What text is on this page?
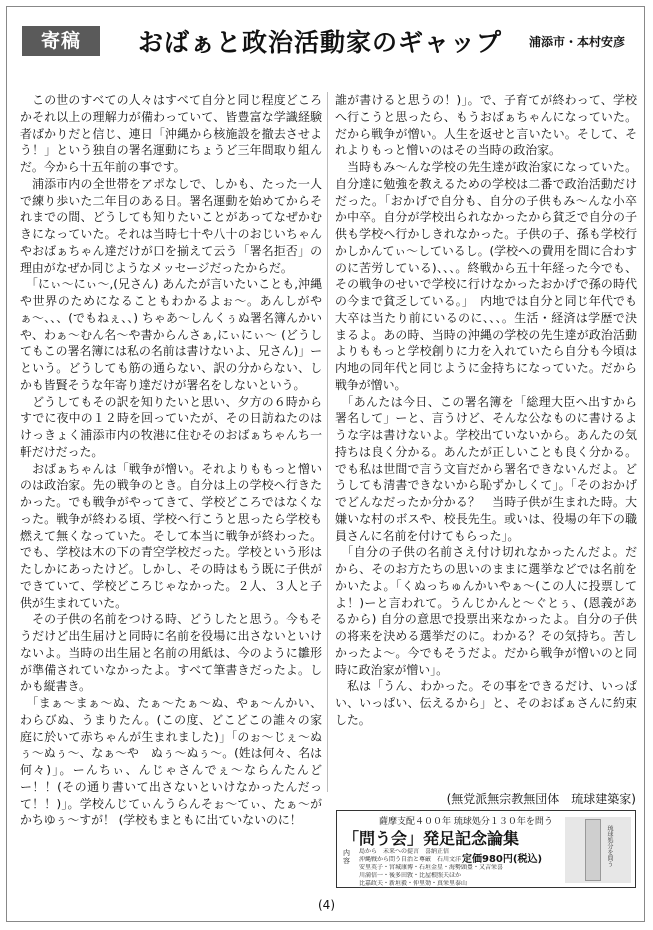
寄稿	おばぁと政治活動家のギャップ 浦添市・本村安彦

　この世のすべての人々はすべて自分と同じ程度どころかそれ以上の理解力が備わっていて、皆豊富な学識経験者ばかりだと信じ、連日「沖縄から核施設を撤去させよう！」という独自の署名運動にちょうど三年間取り組んだ。今から十五年前の事です。

　浦添市内の全世帯をアポなしで、しかも、たった一人で練り歩いた二年目のある日。署名運動を始めてからそれまでの間、どうしても知りたいことがあってなぜかむきになっていた。それは当時七十や八十のおじいちゃんやおばぁちゃん達だけが口を揃えて云う「署名拒否」の理由がなぜか同じようなメッセージだったからだ。

　「にぃ〜にぃ〜,(兄さん) あんたが言いたいことも,沖縄や世界のためになることもわかるよぉ〜。あんしがやぁ〜、、、(でもねぇ、、) ちゃあ〜しんくぅぬ署名簿んかいや、わぁ〜むん名〜や書からんさぁ,にぃにぃ〜 (どうしてもこの署名簿には私の名前は書けないよ、兄さん)」ーという。どうしても筋の通らない、訳の分からない、しかも皆賢そうな年寄り達だけが署名をしないという。

　どうしてもその訳を知りたいと思い、夕方の６時からすでに夜中の１２時を回っていたが、その日訪ねたのはけっきょく浦添市内の牧港に住むそのおばぁちゃんち一軒だけだった。

　おばぁちゃんは「戦争が憎い。それよりももっと憎いのは政治家。先の戦争のとき。自分は上の学校へ行きたかった。でも戦争がやってきて、学校どころではなくなった。戦争が終わる頃、学校へ行こうと思ったら学校も燃えて無くなっていた。そして本当に戦争が終わった。でも、学校は木の下の青空学校だった。学校という形はたしかにあったけど。しかし、その時はもう既に子供ができていて、学校どころじゃなかった。２人、３人と子供が生まれていた。

　その子供の名前をつける時、どうしたと思う。今もそうだけど出生届けと同時に名前を役場に出さないといけないよ。当時の出生届と名前の用紙は、今のように雛形が準備されていなかったよ。すべて筆書きだったよ。しかも縦書き。

　「まぁ〜まぁ〜ぬ、たぁ〜たぁ〜ぬ、やぁ〜んかい、わらびぬ、うまりたん。(この度、どこどこの誰々の家庭に於いて赤ちゃんが生まれました)」「のぉ〜じぇ〜ぬぅ〜ぬぅ〜、なぁ〜や　ぬぅ〜ぬぅ〜。(姓は何々、名は何々)」。ーんちぃ、んじゃさんでぇ〜ならんたんどー！！(その通り書いて出さないといけなかったんだって！！)」。学校んじてぃんうらんそぉ〜てぃ、たぁ〜がかちゆぅ〜すが！ (学校もまともに出ていないのに！

誰が書けると思うの！)」。で、子育てが終わって、学校へ行こうと思ったら、もうおばぁちゃんになっていた。だから戦争が憎い。人生を返せと言いたい。そして、それよりもっと憎いのはその当時の政治家。

　当時もみ〜んな学校の先生達が政治家になっていた。自分達に勉強を教えるための学校は二番で政治活動だけだった。「おかげで自分も、自分の子供もみ〜んな小卒か中卒。自分が学校出られなかったから貧乏で自分の子供も学校へ行かしきれなかった。子供の子、孫も学校行かしかんてぃ〜しているし。(学校への費用を間に合わすのに苦労している)、、、。終戦から五十年経った今でも、その戦争のせいで学校に行けなかったおかげで孫の時代の今まで貧乏している。」　内地では自分と同じ年代でも大卒は当たり前にいるのに、、、。生活・経済は学歴で決まるよ。あの時、当時の沖縄の学校の先生達が政治活動よりももっと学校創りに力を入れていたら自分も今頃は内地の同年代と同じように金持ちになっていた。だから戦争が憎い。

　「あんたは今日、この署名簿を「総理大臣へ出すから署名して」ーと、言うけど、そんな公なものに書けるような字は書けないよ。学校出ていないから。あんたの気持ちは良く分かる。あんたが正しいことも良く分かる。でも私は世間で言う文盲だから署名できないんだよ。どうしても清書できないから恥ずかしくて」。「そのおかげでどんなだったか分かる？　当時子供が生まれた時。大嫌いな村のボスや、校長先生。或いは、役場の年下の職員さんに名前を付けてもらった」。

　「自分の子供の名前さえ付け切れなかったんだよ。だから、そのお方たちの思いのままに選挙などでは名前をかいたよ。「くぬっちゅんかいやぁ〜(この人に投票してよ！)ーと言われて。うんじかんと〜ぐとぅ、(恩義があるから) 自分の意思で投票出来なかったよ。自分の子供の将来を決める選挙だのに。わかる？その気持ち。苦しかったよ〜。今でもそうだよ。だから戦争が憎いのと同時に政治家が憎い」。

　私は「うん、わかった。その事をできるだけ、いっぱい、いっぱい、伝えるから」と、そのおばぁさんに約束した。

(無党派無宗教無団体　琉球建築家)
薩摩支配４００年 琉球処分１３０年を問う
「問う会」発足記念論集
内容
島から　未来への提言　喜納正信
沖縄戦から問う自治と尊厳　石川文洋
安里英子・宮城康博・石垣金星・海勢頭豊・又吉栄喜
川満信一・後多田敦・比屋根照夫ほか
比嘉政夫・新垣毅・仲里効・真栄里泰山
定価980円(税込)	琉球処分を問う
(4)
